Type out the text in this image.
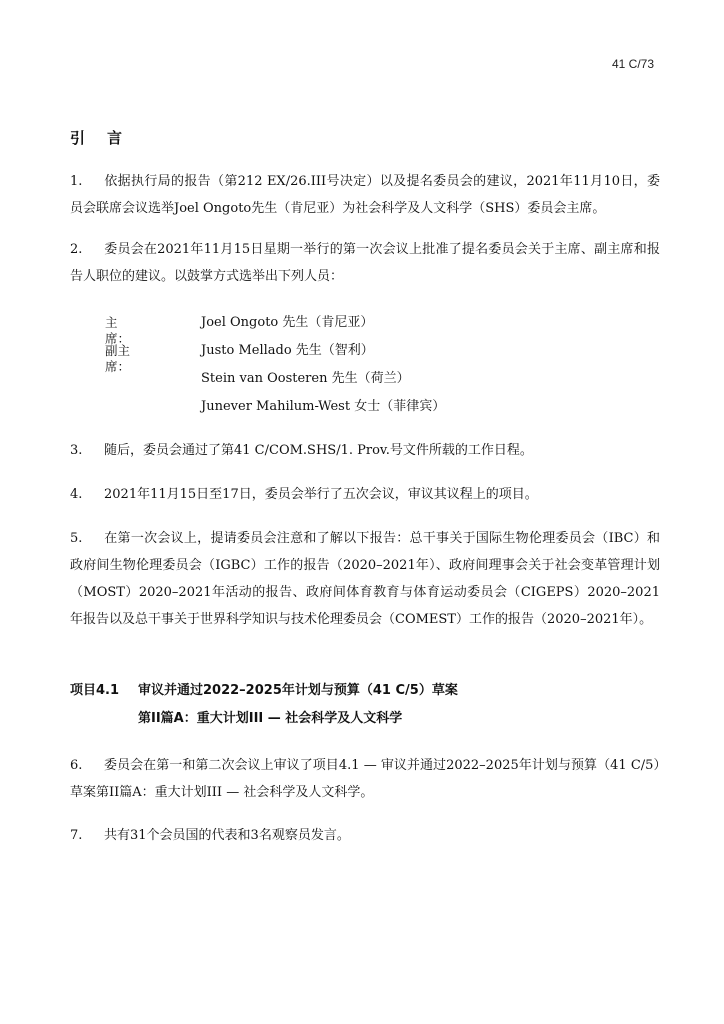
41 C/73
引 言
1. 依据执行局的报告（第212 EX/26.III号决定）以及提名委员会的建议，2021年11月10日，委员会联席会议选举Joel Ongoto先生（肯尼亚）为社会科学及人文科学（SHS）委员会主席。
2. 委员会在2021年11月15日星期一举行的第一次会议上批准了提名委员会关于主席、副主席和报告人职位的建议。以鼓掌方式选举出下列人员：
主席：
Joel Ongoto 先生（肯尼亚）
副主席：
Justo Mellado 先生（智利）
Stein van Oosteren 先生（荷兰）
Junever Mahilum-West 女士（菲律宾）
3. 随后，委员会通过了第41 C/COM.SHS/1. Prov.号文件所载的工作日程。
4. 2021年11月15日至17日，委员会举行了五次会议，审议其议程上的项目。
5. 在第一次会议上，提请委员会注意和了解以下报告：总干事关于国际生物伦理委员会（IBC）和政府间生物伦理委员会（IGBC）工作的报告（2020–2021年）、政府间理事会关于社会变革管理计划（MOST）2020–2021年活动的报告、政府间体育教育与体育运动委员会（CIGEPS）2020–2021年报告以及总干事关于世界科学知识与技术伦理委员会（COMEST）工作的报告（2020–2021年）。
项目4.1 审议并通过2022–2025年计划与预算（41 C/5）草案
第II篇A：重大计划III — 社会科学及人文科学
6. 委员会在第一和第二次会议上审议了项目4.1 — 审议并通过2022–2025年计划与预算（41 C/5）草案第II篇A：重大计划III — 社会科学及人文科学。
7. 共有31个会员国的代表和3名观察员发言。
